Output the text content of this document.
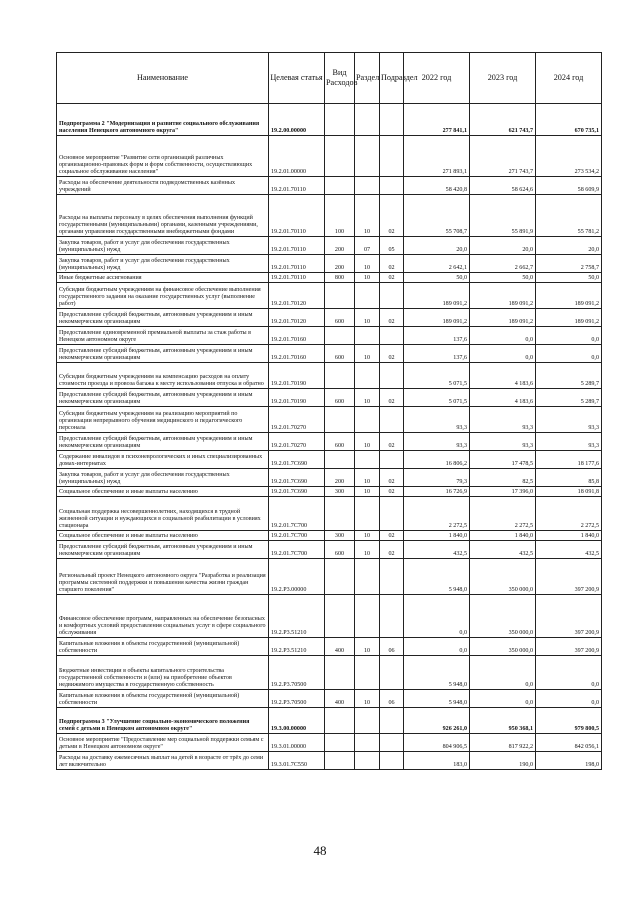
Наименование	Целевая статья	Вид Расходов	Раздел	Подраздел	2022 год	2023 год	2024 год
Подпрограмма 2 "Модернизация и развитие социального обслуживания населения Ненецкого автономного округа"	19.2.00.00000				277 841,1	621 743,7	670 735,1
Основное мероприятие "Развитие сети организаций различных организационно-правовых форм и форм собственности, осуществляющих социальное обслуживание населения"	19.2.01.00000				271 893,1	271 743,7	273 534,2
Расходы на обеспечение деятельности подведомственных казённых учреждений	19.2.01.70110				58 420,8	58 624,6	58 609,9
Расходы на выплаты персоналу в целях обеспечения выполнения функций государственными (муниципальными) органами, казенными учреждениями, органами управления государственными внебюджетными фондами	19.2.01.70110	100	10	02	55 708,7	55 891,9	55 781,2
Закупка товаров, работ и услуг для обеспечения государственных (муниципальных) нужд	19.2.01.70110	200	07	05	20,0	20,0	20,0
Закупка товаров, работ и услуг для обеспечения государственных (муниципальных) нужд	19.2.01.70110	200	10	02	2 642,1	2 662,7	2 758,7
Иные бюджетные ассигнования	19.2.01.70110	800	10	02	50,0	50,0	50,0
Субсидии бюджетным учреждениям на финансовое обеспечение выполнения государственного задания на оказание государственных услуг (выполнение работ)	19.2.01.70120				189 091,2	189 091,2	189 091,2
Предоставление субсидий бюджетным, автономным учреждениям и иным некоммерческим организациям	19.2.01.70120	600	10	02	189 091,2	189 091,2	189 091,2
Предоставление единовременной премиальной выплаты за стаж работы в Ненецком автономном округе	19.2.01.70160				137,6	0,0	0,0
Предоставление субсидий бюджетным, автономным учреждениям и иным некоммерческим организациям	19.2.01.70160	600	10	02	137,6	0,0	0,0
Субсидии бюджетным учреждениям на компенсацию расходов на оплату стоимости проезда и провоза багажа к месту использования отпуска и обратно	19.2.01.70190				5 071,5	4 183,6	5 289,7
Предоставление субсидий бюджетным, автономным учреждениям и иным некоммерческим организациям	19.2.01.70190	600	10	02	5 071,5	4 183,6	5 289,7
Субсидии бюджетным учреждениям на реализацию мероприятий по организации непрерывного обучения медицинского и педагогического персонала	19.2.01.70270				93,3	93,3	93,3
Предоставление субсидий бюджетным, автономным учреждениям и иным некоммерческим организациям	19.2.01.70270	600	10	02	93,3	93,3	93,3
Содержание инвалидов в психоневрологических и иных специализированных домах-интернатах	19.2.01.7C690				16 806,2	17 478,5	18 177,6
Закупка товаров, работ и услуг для обеспечения государственных (муниципальных) нужд	19.2.01.7C690	200	10	02	79,3	82,5	85,8
Социальное обеспечение и иные выплаты населению	19.2.01.7C690	300	10	02	16 726,9	17 396,0	18 091,8
Социальная поддержка несовершеннолетних, находящихся в трудной жизненной ситуации и нуждающихся в социальной реабилитации в условиях стационара	19.2.01.7C700				2 272,5	2 272,5	2 272,5
Социальное обеспечение и иные выплаты населению	19.2.01.7C700	300	10	02	1 840,0	1 840,0	1 840,0
Предоставление субсидий бюджетным, автономным учреждениям и иным некоммерческим организациям	19.2.01.7C700	600	10	02	432,5	432,5	432,5
Региональный проект Ненецкого автономного округа "Разработка и реализация программы системной поддержки и повышения качества жизни граждан старшего поколения"	19.2.P3.00000				5 948,0	350 000,0	397 200,9
Финансовое обеспечение программ, направленных на обеспечение безопасных и комфортных условий предоставления социальных услуг в сфере социального обслуживания	19.2.P3.51210				0,0	350 000,0	397 200,9
Капитальные вложения в объекты государственной (муниципальной) собственности	19.2.P3.51210	400	10	06	0,0	350 000,0	397 200,9
Бюджетные инвестиции в объекты капитального строительства государственной собственности и (или) на приобретение объектов недвижимого имущества в государственную собственность	19.2.P3.70500				5 948,0	0,0	0,0
Капитальные вложения в объекты государственной (муниципальной) собственности	19.2.P3.70500	400	10	06	5 948,0	0,0	0,0
Подпрограмма 3 "Улучшение социально-экономического положения семей с детьми в Ненецком автономном округе"	19.3.00.00000				926 261,0	950 368,1	979 800,5
Основное мероприятие "Предоставление мер социальной поддержки семьям с детьми в Ненецком автономном округе"	19.3.01.00000				804 906,5	817 922,2	842 056,1
Расходы на доставку ежемесячных выплат на детей в возрасте от трёх до семи лет включительно	19.3.01.7C550				183,0	190,0	198,0
48
